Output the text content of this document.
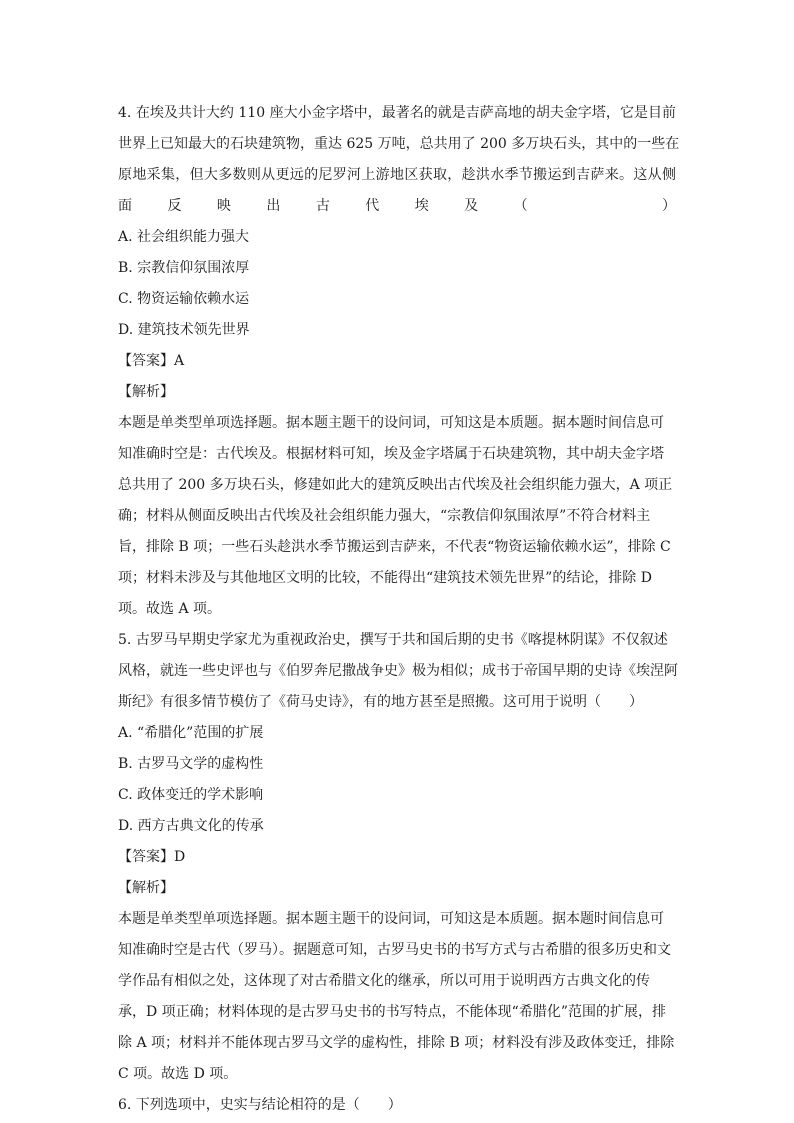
4. 在埃及共计大约 110 座大小金字塔中，最著名的就是吉萨高地的胡夫金字塔，它是目前
世界上已知最大的石块建筑物，重达 625 万吨，总共用了 200 多万块石头，其中的一些在
原地采集，但大多数则从更远的尼罗河上游地区获取，趁洪水季节搬运到吉萨来。这从侧
面反映出古代埃及（　　）
A. 社会组织能力强大
B. 宗教信仰氛围浓厚
C. 物资运输依赖水运
D. 建筑技术领先世界

【答案】A

【解析】

本题是单类型单项选择题。据本题主题干的设问词，可知这是本质题。据本题时间信息可
知准确时空是：古代埃及。根据材料可知，埃及金字塔属于石块建筑物，其中胡夫金字塔
总共用了 200 多万块石头，修建如此大的建筑反映出古代埃及社会组织能力强大，A 项正
确；材料从侧面反映出古代埃及社会组织能力强大，“宗教信仰氛围浓厚”不符合材料主
旨，排除 B 项；一些石头趁洪水季节搬运到吉萨来，不代表“物资运输依赖水运”，排除 C
项；材料未涉及与其他地区文明的比较，不能得出“建筑技术领先世界”的结论，排除 D
项。故选 A 项。
5. 古罗马早期史学家尤为重视政治史，撰写于共和国后期的史书《喀提林阴谋》不仅叙述
风格，就连一些史评也与《伯罗奔尼撒战争史》极为相似；成书于帝国早期的史诗《埃涅阿
斯纪》有很多情节模仿了《荷马史诗》，有的地方甚至是照搬。这可用于说明（　　）
A. “希腊化”范围的扩展
B. 古罗马文学的虚构性
C. 政体变迁的学术影响
D. 西方古典文化的传承

【答案】D

【解析】

本题是单类型单项选择题。据本题主题干的设问词，可知这是本质题。据本题时间信息可
知准确时空是古代（罗马）。据题意可知，古罗马史书的书写方式与古希腊的很多历史和文
学作品有相似之处，这体现了对古希腊文化的继承，所以可用于说明西方古典文化的传
承，D 项正确；材料体现的是古罗马史书的书写特点，不能体现“希腊化”范围的扩展，排
除 A 项；材料并不能体现古罗马文学的虚构性，排除 B 项；材料没有涉及政体变迁，排除
C 项。故选 D 项。

6. 下列选项中，史实与结论相符的是（　　）
